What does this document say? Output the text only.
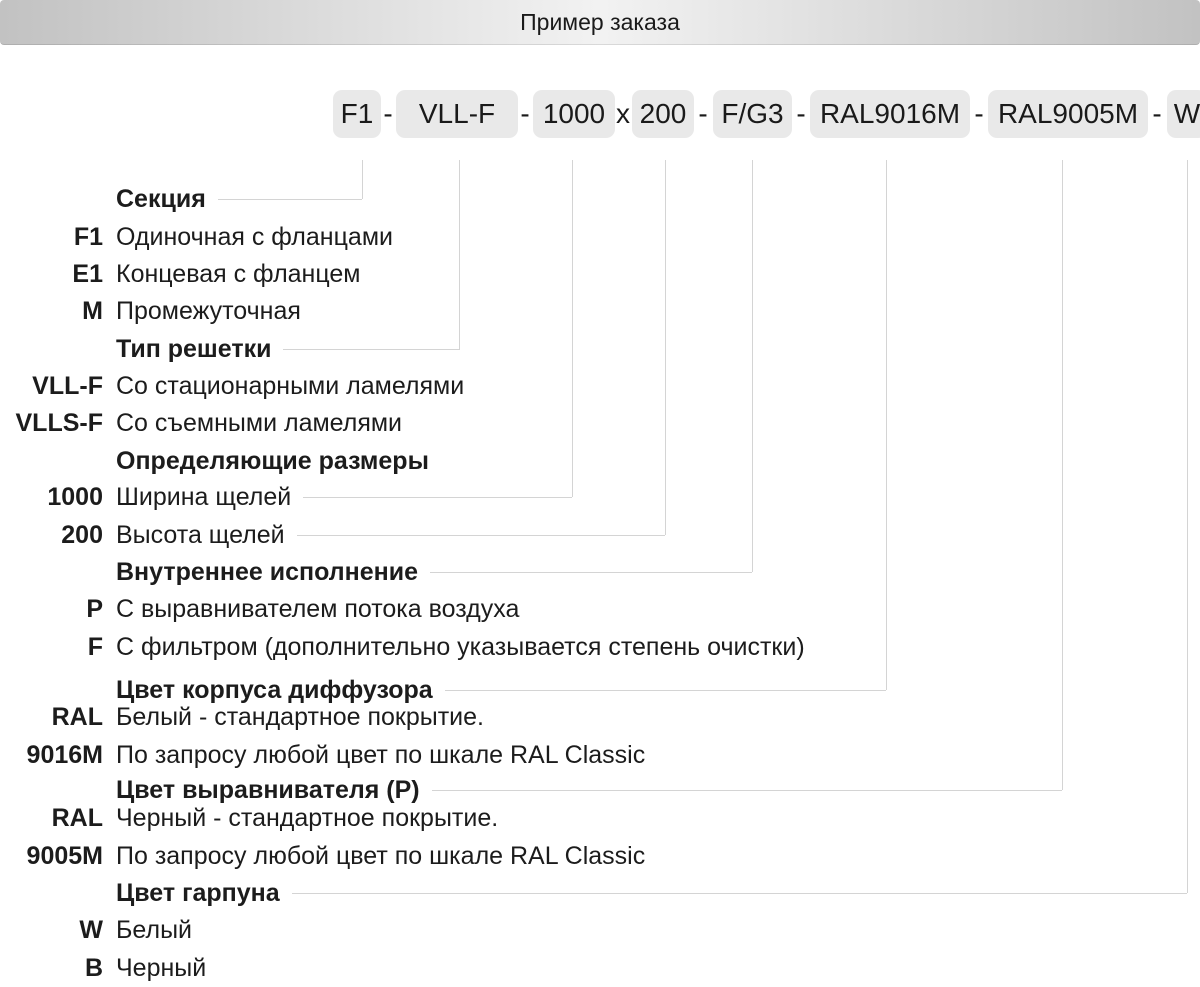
Пример заказа
F1 - VLL-F - 1000 x 200 - F/G3 - RAL9016M - RAL9005M - W
Секция
F1 Одиночная с фланцами
E1 Концевая с фланцем
M Промежуточная
Тип решетки
VLL-F Со стационарными ламелями
VLLS-F Со съемными ламелями
Определяющие размеры
1000 Ширина щелей
200 Высота щелей
Внутреннее исполнение
P С выравнивателем потока воздуха
F С фильтром (дополнительно указывается степень очистки)
Цвет корпуса диффузора
RAL Белый - стандартное покрытие.
9016M По запросу любой цвет по шкале RAL Classic
Цвет выравнивателя (P)
RAL Черный - стандартное покрытие.
9005M По запросу любой цвет по шкале RAL Classic
Цвет гарпуна
W Белый
B Черный
